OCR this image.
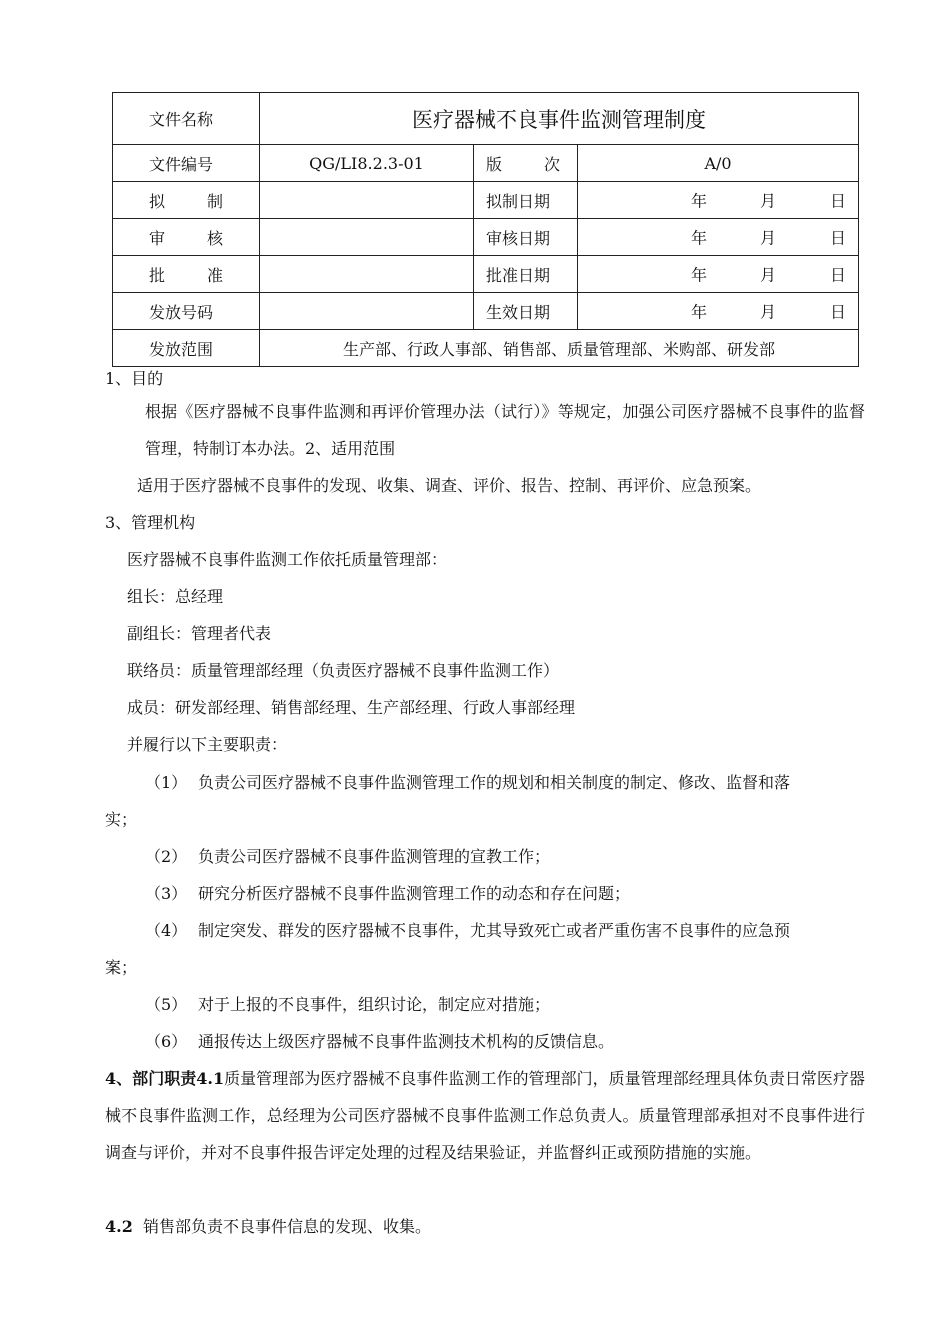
文件名称	医疗器械不良事件监测管理制度		
文件编号	QG/LI8.2.3-01	版 次	A/0

拟 制		拟制日期	年 月 日

审 核		审核日期	年 月 日

批 准		批准日期	年 月 日

发放号码		生效日期	年 月 日

发放范围	生产部、行政人事部、销售部、质量管理部、米购部、研发部		

1、目的

根据《医疗器械不良事件监测和再评价管理办法（试行）》等规定，加强公司医疗器械不良事件的监督管理，特制订本办法。2、适用范围

适用于医疗器械不良事件的发现、收集、调查、评价、报告、控制、再评价、应急预案。

3、管理机构

医疗器械不良事件监测工作依托质量管理部：

组长：总经理

副组长：管理者代表

联络员：质量管理部经理（负责医疗器械不良事件监测工作）

成员：研发部经理、销售部经理、生产部经理、行政人事部经理

并履行以下主要职责：

（1） 负责公司医疗器械不良事件监测管理工作的规划和相关制度的制定、修改、监督和落

实；

（2） 负责公司医疗器械不良事件监测管理的宣教工作；

（3） 研究分析医疗器械不良事件监测管理工作的动态和存在问题；

（4） 制定突发、群发的医疗器械不良事件，尤其导致死亡或者严重伤害不良事件的应急预

案；

（5） 对于上报的不良事件，组织讨论，制定应对措施；

（6） 通报传达上级医疗器械不良事件监测技术机构的反馈信息。

4、部门职责4.1质量管理部为医疗器械不良事件监测工作的管理部门，质量管理部经理具体负责日常医疗器械不良事件监测工作，总经理为公司医疗器械不良事件监测工作总负责人。质量管理部承担对不良事件进行调查与评价，并对不良事件报告评定处理的过程及结果验证，并监督纠正或预防措施的实施。

4.2 销售部负责不良事件信息的发现、收集。
